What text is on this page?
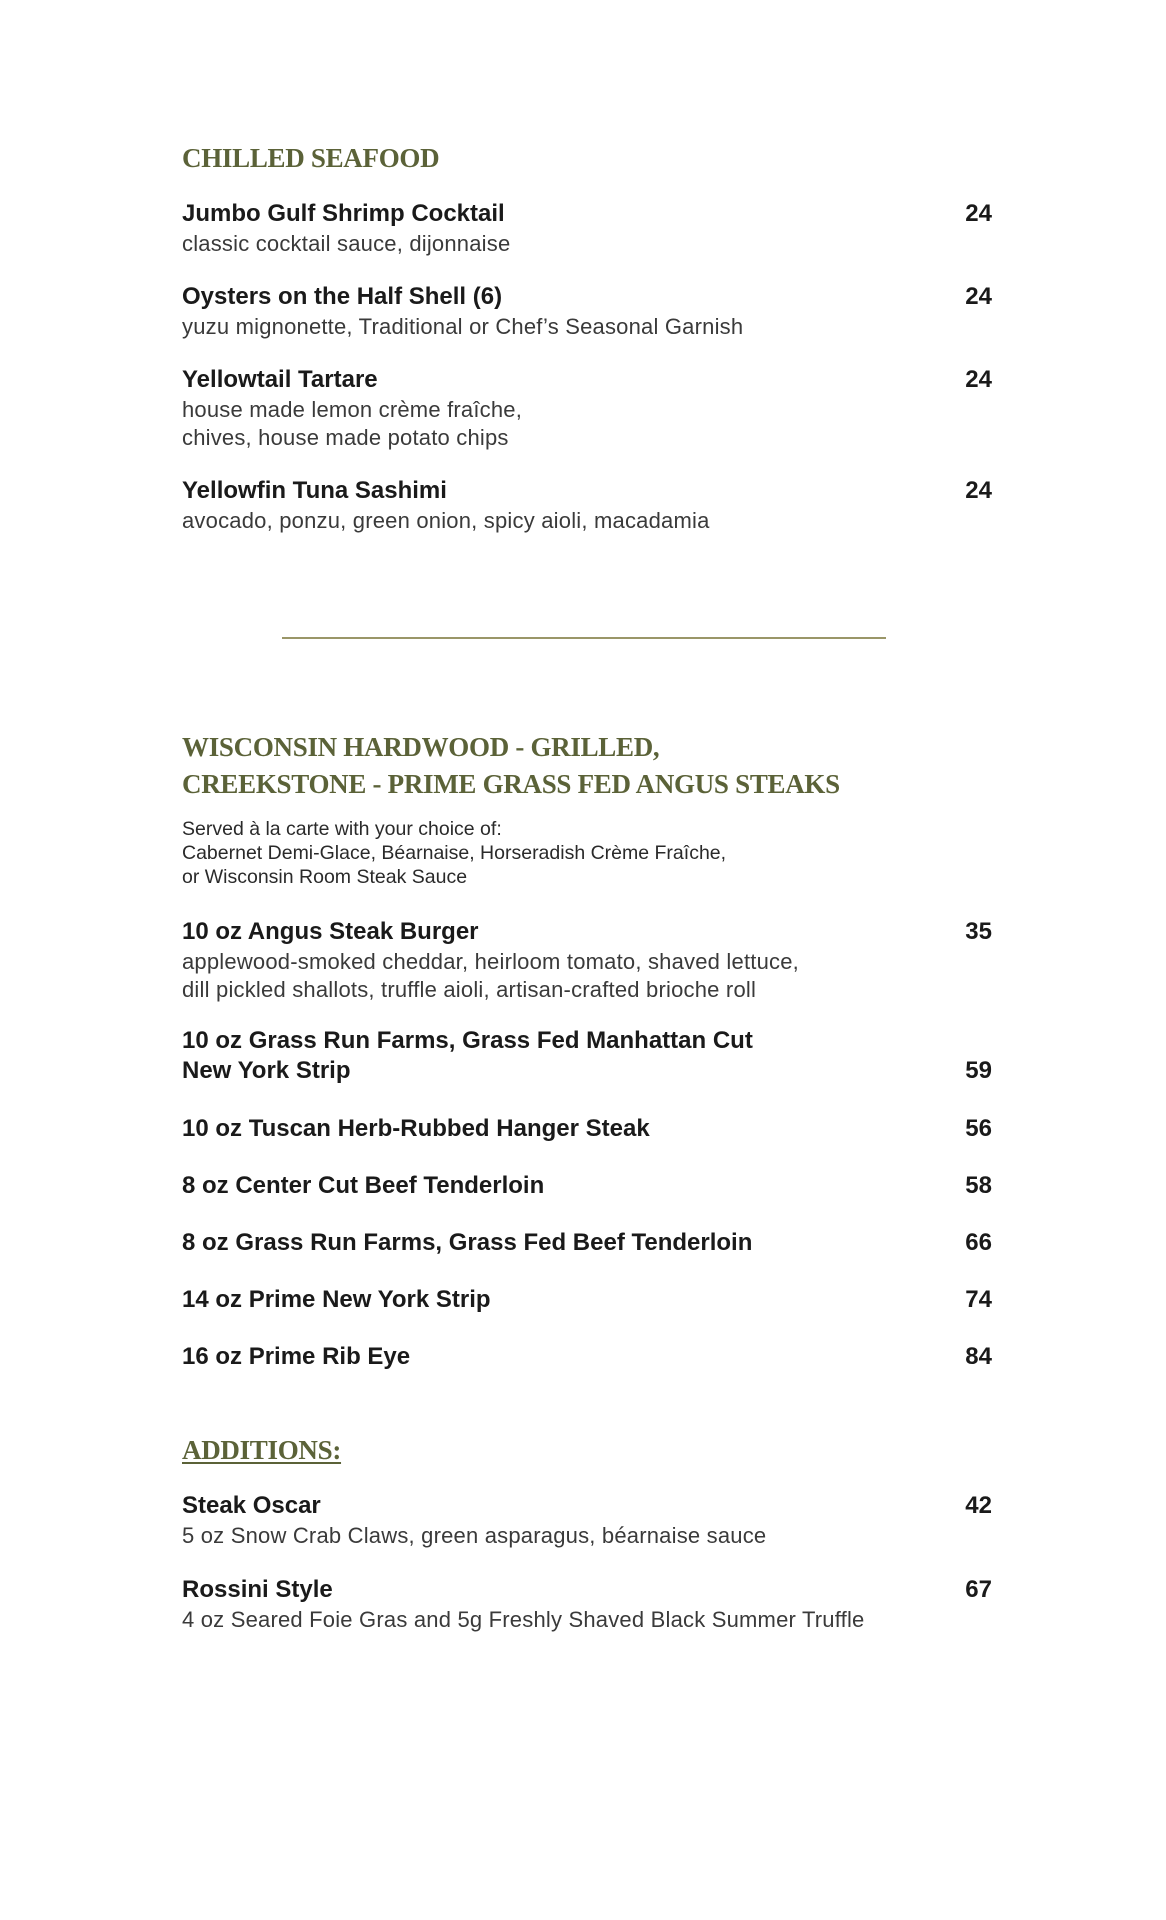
CHILLED SEAFOOD
Jumbo Gulf Shrimp Cocktail	24
classic cocktail sauce, dijonnaise
Oysters on the Half Shell (6)	24
yuzu mignonette, Traditional or Chef’s Seasonal Garnish
Yellowtail Tartare	24
house made lemon crème fraîche,
chives, house made potato chips
Yellowfin Tuna Sashimi	24
avocado, ponzu, green onion, spicy aioli, macadamia
WISCONSIN HARDWOOD - GRILLED,
CREEKSTONE - PRIME GRASS FED ANGUS STEAKS

Served à la carte with your choice of:

Cabernet Demi-Glace, Béarnaise, Horseradish Crème Fraîche,

or Wisconsin Room Steak Sauce

10 oz Angus Steak Burger	35
applewood-smoked cheddar, heirloom tomato, shaved lettuce,
dill pickled shallots, truffle aioli, artisan-crafted brioche roll
10 oz Grass Run Farms, Grass Fed Manhattan Cut
New York Strip	59
10 oz Tuscan Herb-Rubbed Hanger Steak	56
8 oz Center Cut Beef Tenderloin	58
8 oz Grass Run Farms, Grass Fed Beef Tenderloin	66
14 oz Prime New York Strip	74
16 oz Prime Rib Eye	84
ADDITIONS:
Steak Oscar	42
5 oz Snow Crab Claws, green asparagus, béarnaise sauce
Rossini Style	67
4 oz Seared Foie Gras and 5g Freshly Shaved Black Summer Truffle
